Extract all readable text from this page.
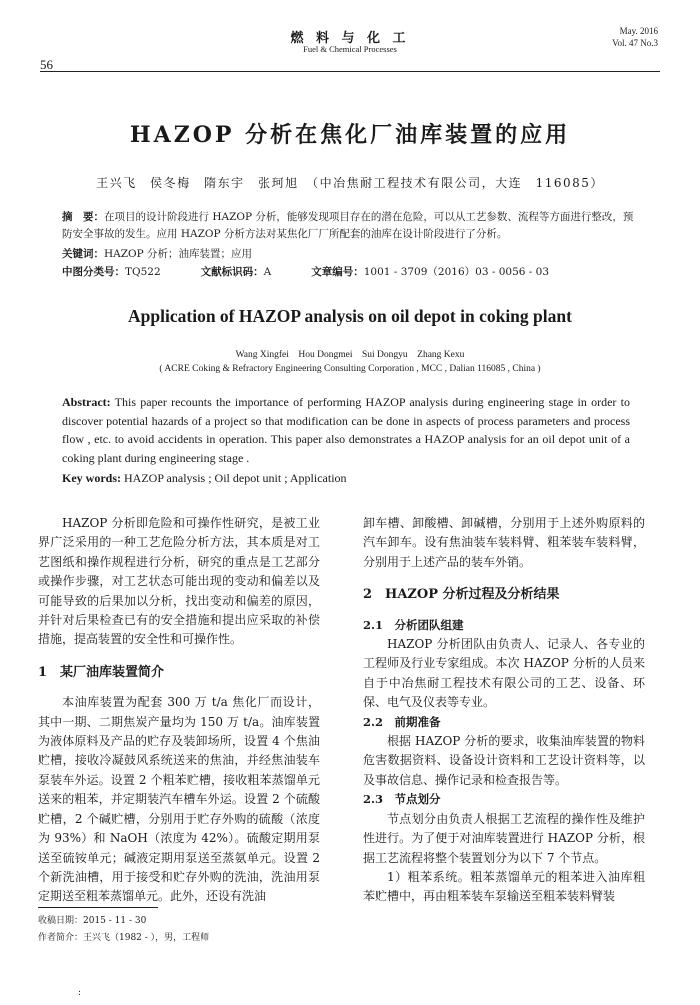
56
燃 料 与 化 工
Fuel & Chemical Processes
May. 2016
Vol. 47 No.3
HAZOP 分析在焦化厂油库装置的应用
王兴飞　侯冬梅　隋东宇　张珂旭　（中冶焦耐工程技术有限公司，大连　116085）
摘　要：在项目的设计阶段进行 HAZOP 分析，能够发现项目存在的潜在危险，可以从工艺参数、流程等方面进行整改，预防安全事故的发生。应用 HAZOP 分析方法对某焦化厂厂所配套的油库在设计阶段进行了分析。
关键词：HAZOP 分析；油库装置；应用
中图分类号：TQ522	文献标识码：A	文章编号：1001 - 3709（2016）03 - 0056 - 03
Application of HAZOP analysis on oil depot in coking plant
Wang Xingfei　Hou Dongmei　Sui Dongyu　Zhang Kexu
( ACRE Coking & Refractory Engineering Consulting Corporation , MCC , Dalian 116085 , China )
Abstract: This paper recounts the importance of performing HAZOP analysis during engineering stage in order to discover potential hazards of a project so that modification can be done in aspects of process parameters and process flow , etc. to avoid accidents in operation. This paper also demonstrates a HAZOP analysis for an oil depot unit of a coking plant during engineering stage .
Key words: HAZOP analysis ; Oil depot unit ; Application

HAZOP 分析即危险和可操作性研究，是被工业界广泛采用的一种工艺危险分析方法，其本质是对工艺图纸和操作规程进行分析，研究的重点是工艺部分或操作步骤，对工艺状态可能出现的变动和偏差以及可能导致的后果加以分析，找出变动和偏差的原因，并针对后果检查已有的安全措施和提出应采取的补偿措施，提高装置的安全性和可操作性。

1　某厂油库装置简介

本油库装置为配套 300 万 t/a 焦化厂而设计，其中一期、二期焦炭产量均为 150 万 t/a。油库装置为液体原料及产品的贮存及装卸场所，设置 4 个焦油贮槽，接收冷凝鼓风系统送来的焦油，并经焦油装车泵装车外运。设置 2 个粗苯贮槽，接收粗苯蒸馏单元送来的粗苯，并定期装汽车槽车外运。设置 2 个硫酸贮槽，2 个碱贮槽，分别用于贮存外购的硫酸（浓度为 93%）和 NaOH（浓度为 42%）。硫酸定期用泵送至硫铵单元；碱液定期用泵送至蒸氨单元。设置 2 个新洗油槽，用于接受和贮存外购的洗油，洗油用泵定期送至粗苯蒸馏单元。此外，还设有洗油

卸车槽、卸酸槽、卸碱槽，分别用于上述外购原料的汽车卸车。设有焦油装车装料臂、粗苯装车装料臂，分别用于上述产品的装车外销。

2　HAZOP 分析过程及分析结果
2.1　分析团队组建

HAZOP 分析团队由负责人、记录人、各专业的工程师及行业专家组成。本次 HAZOP 分析的人员来自于中冶焦耐工程技术有限公司的工艺、设备、环保、电气及仪表等专业。

2.2　前期准备

根据 HAZOP 分析的要求，收集油库装置的物料危害数据资料、设备设计资料和工艺设计资料等，以及事故信息、操作记录和检查报告等。

2.3　节点划分

节点划分由负责人根据工艺流程的操作性及维护性进行。为了便于对油库装置进行 HAZOP 分析，根据工艺流程将整个装置划分为以下 7 个节点。

1）粗苯系统。粗苯蒸馏单元的粗苯进入油库粗苯贮槽中，再由粗苯装车泵输送至粗苯装料臂装

收稿日期：2015 - 11 - 30
作者简介：王兴飞（1982 - ），男，工程师
:
